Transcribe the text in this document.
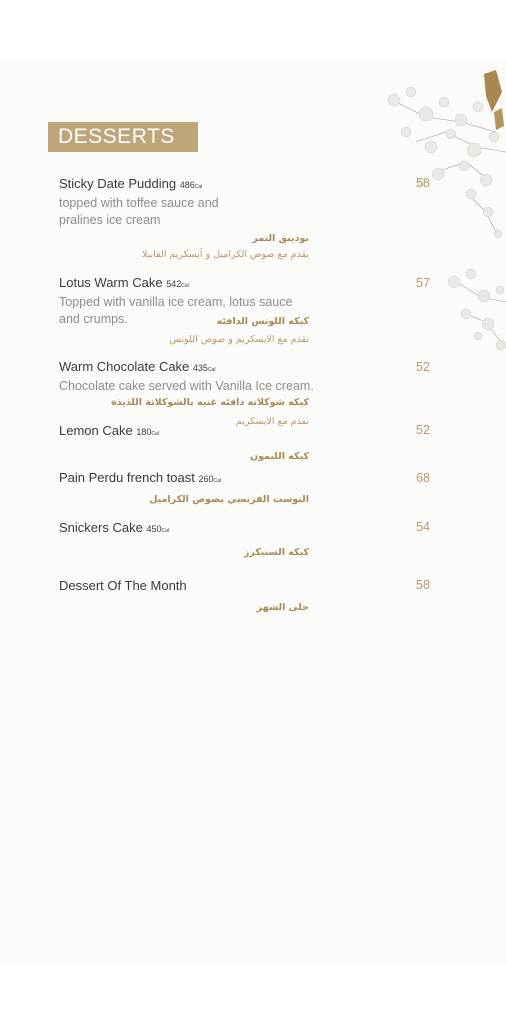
DESSERTS
Sticky Date Pudding 486Cal
topped with toffee sauce and
pralines ice cream
بودينق التمر
يقدم مع صوص الكراميل و آيسكريم الفانيلا
58
Lotus Warm Cake 542Cal
Topped with vanilla ice cream, lotus sauce
and crumps.	كيكه اللوتس الدافئه
تقدم مع الايسكريم و صوص اللوتس
57
Warm Chocolate Cake 435Cal
Chocolate cake served with Vanilla Ice cream.
كيكه شوكلاته دافئه غنيه بالشوكلاتة اللذيذة
تقدم مع الايسكريم
52
Lemon Cake 180Cal
كيكه الليمون
52
Pain Perdu french toast 260Cal
التوست الفرنسي بصوص الكراميل
68
Snickers Cake 450Cal
كيكه السنيكرز
54
Dessert Of The Month
حلى الشهر
58
